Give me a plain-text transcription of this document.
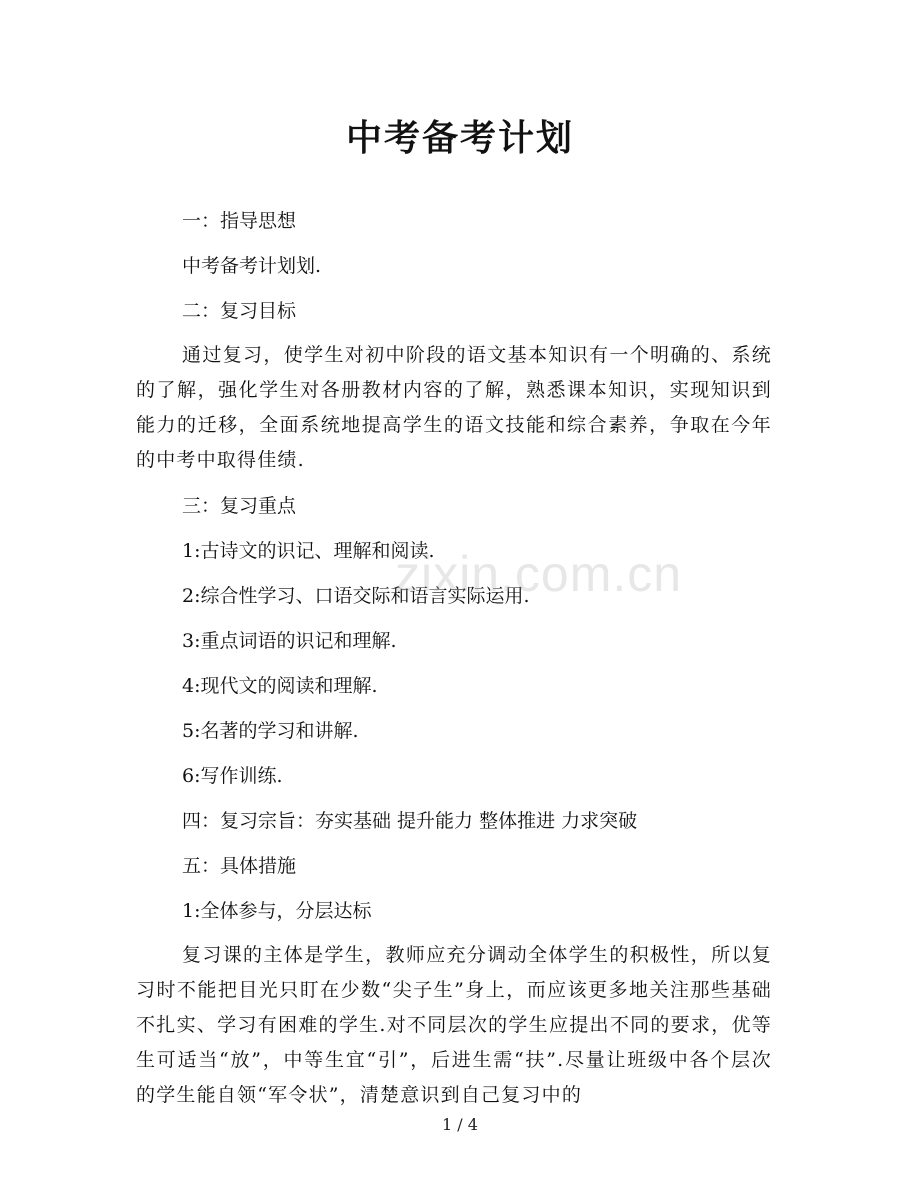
中考备考计划
一：指导思想
中考备考计划划.
二：复习目标
通过复习，使学生对初中阶段的语文基本知识有一个明确的、系统的了解，强化学生对各册教材内容的了解，熟悉课本知识，实现知识到能力的迁移，全面系统地提高学生的语文技能和综合素养，争取在今年的中考中取得佳绩.
三：复习重点
1:古诗文的识记、理解和阅读.
2:综合性学习、口语交际和语言实际运用.
3:重点词语的识记和理解.
4:现代文的阅读和理解.
5:名著的学习和讲解.
6:写作训练.
四：复习宗旨：夯实基础 提升能力 整体推进 力求突破
五：具体措施
1:全体参与，分层达标
复习课的主体是学生，教师应充分调动全体学生的积极性，所以复习时不能把目光只盯在少数“尖子生”身上，而应该更多地关注那些基础不扎实、学习有困难的学生.对不同层次的学生应提出不同的要求，优等生可适当“放”，中等生宜“引”，后进生需“扶”.尽量让班级中各个层次的学生能自领“军令状”，清楚意识到自己复习中的
zixin.com.cn
1 / 4
